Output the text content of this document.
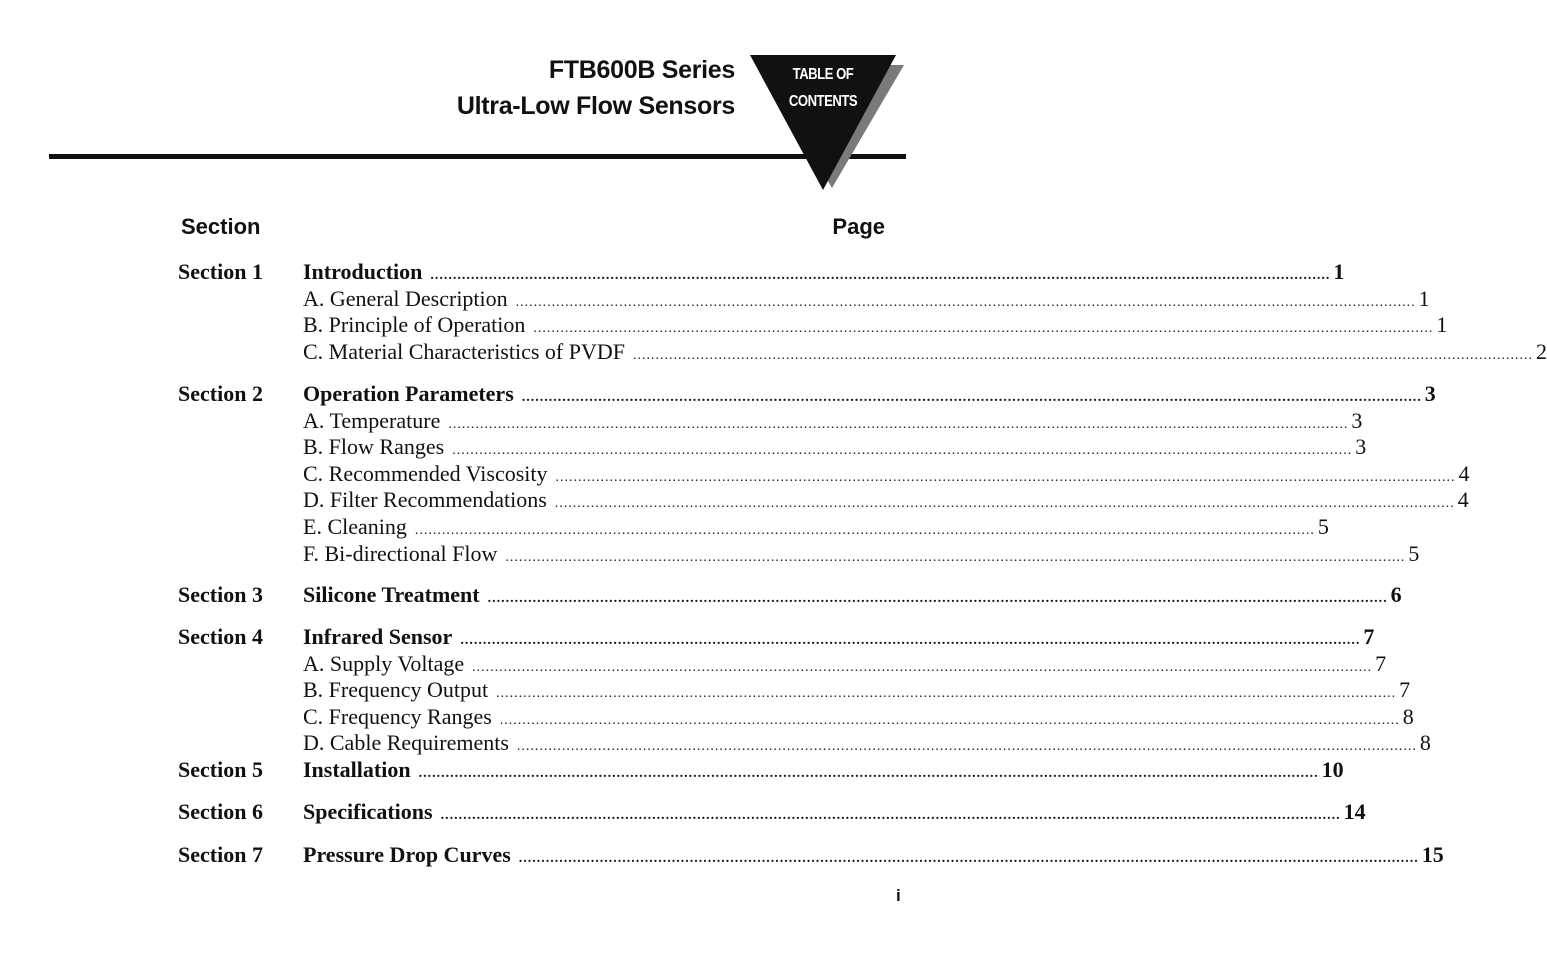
FTB600B Series
Ultra-Low Flow Sensors
TABLE OF
CONTENTS
Section	Page
Section 1 Introduction ........................................................................................................................................................................................................ 1
A. General Description ........................................................................................................................................................................................................ 1
B. Principle of Operation ........................................................................................................................................................................................................ 1
C. Material Characteristics of PVDF ........................................................................................................................................................................................................ 2
Section 2 Operation Parameters ........................................................................................................................................................................................................ 3
A. Temperature ........................................................................................................................................................................................................ 3
B. Flow Ranges ........................................................................................................................................................................................................ 3
C. Recommended Viscosity ........................................................................................................................................................................................................ 4
D. Filter Recommendations ........................................................................................................................................................................................................ 4
E. Cleaning ........................................................................................................................................................................................................ 5
F. Bi-directional Flow ........................................................................................................................................................................................................ 5
Section 3 Silicone Treatment ........................................................................................................................................................................................................ 6
Section 4 Infrared Sensor ........................................................................................................................................................................................................ 7
A. Supply Voltage ........................................................................................................................................................................................................ 7
B. Frequency Output ........................................................................................................................................................................................................ 7
C. Frequency Ranges ........................................................................................................................................................................................................ 8
D. Cable Requirements ........................................................................................................................................................................................................ 8
Section 5 Installation ........................................................................................................................................................................................................ 10
Section 6 Specifications ........................................................................................................................................................................................................ 14
Section 7 Pressure Drop Curves ........................................................................................................................................................................................................ 15
i
